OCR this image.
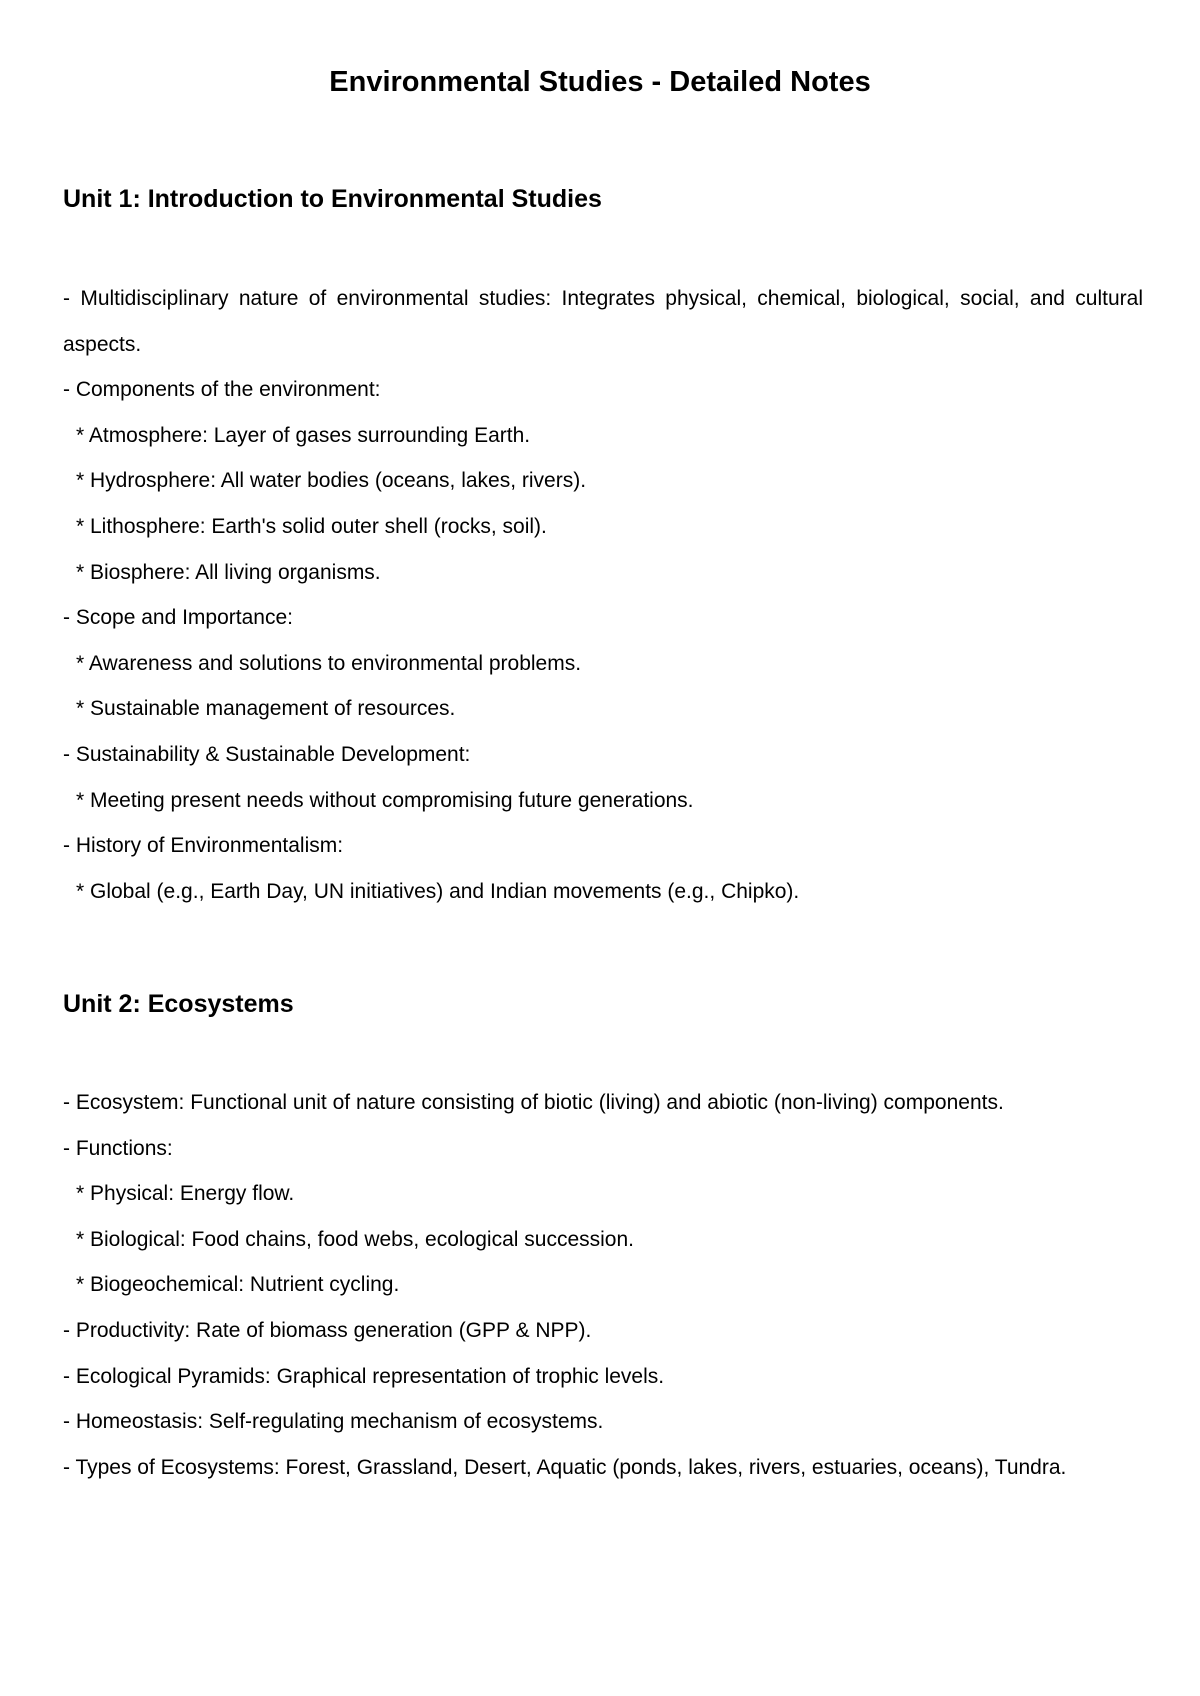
Environmental Studies - Detailed Notes
Unit 1: Introduction to Environmental Studies
- Multidisciplinary nature of environmental studies: Integrates physical, chemical, biological, social, and cultural aspects.
- Components of the environment:
* Atmosphere: Layer of gases surrounding Earth.
* Hydrosphere: All water bodies (oceans, lakes, rivers).
* Lithosphere: Earth's solid outer shell (rocks, soil).
* Biosphere: All living organisms.
- Scope and Importance:
* Awareness and solutions to environmental problems.
* Sustainable management of resources.
- Sustainability & Sustainable Development:
* Meeting present needs without compromising future generations.
- History of Environmentalism:
* Global (e.g., Earth Day, UN initiatives) and Indian movements (e.g., Chipko).
Unit 2: Ecosystems
- Ecosystem: Functional unit of nature consisting of biotic (living) and abiotic (non-living) components.
- Functions:
* Physical: Energy flow.
* Biological: Food chains, food webs, ecological succession.
* Biogeochemical: Nutrient cycling.
- Productivity: Rate of biomass generation (GPP & NPP).
- Ecological Pyramids: Graphical representation of trophic levels.
- Homeostasis: Self-regulating mechanism of ecosystems.
- Types of Ecosystems: Forest, Grassland, Desert, Aquatic (ponds, lakes, rivers, estuaries, oceans), Tundra.
